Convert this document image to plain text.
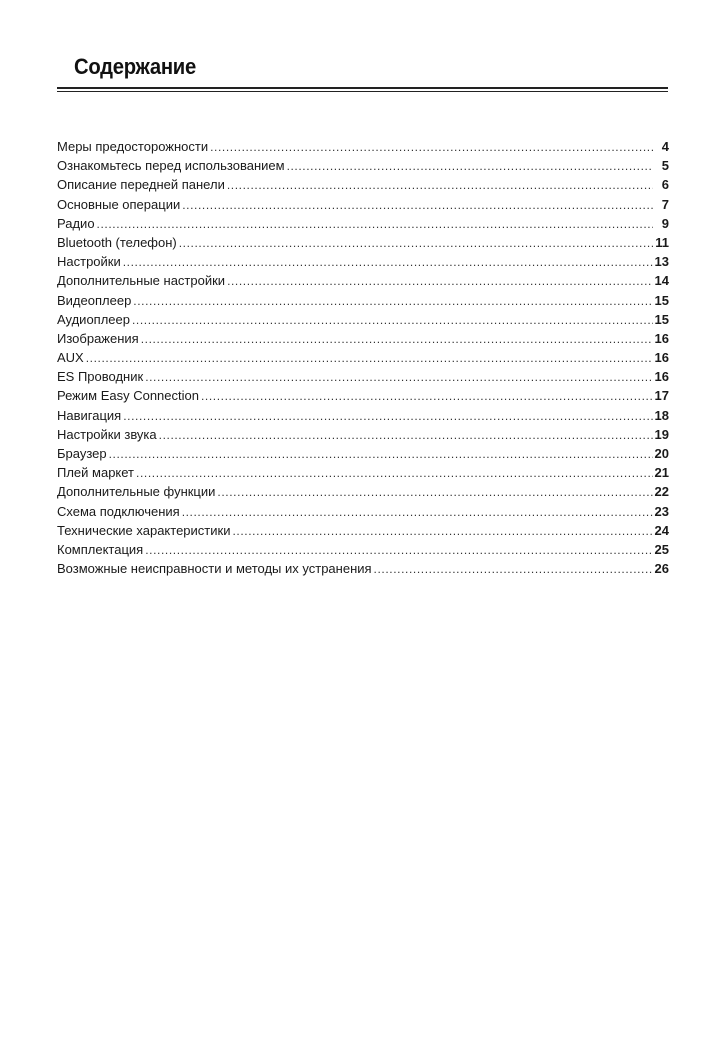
Содержание
Меры предосторожности .....	4
Ознакомьтесь перед использованием .....	5
Описание передней панели .....	6
Основные операции .....	7
Радио .....	9
Bluetooth (телефон) .....	11
Настройки .....	13
Дополнительные настройки .....	14
Видеоплеер .....	15
Аудиоплеер .....	15
Изображения .....	16
AUX .....	16
ES Проводник .....	16
Режим Easy Connection .....	17
Навигация .....	18
Настройки звука .....	19
Браузер .....	20
Плей маркет .....	21
Дополнительные функции .....	22
Схема подключения .....	23
Технические характеристики .....	24
Комплектация .....	25
Возможные неисправности и методы их устранения .....	26
